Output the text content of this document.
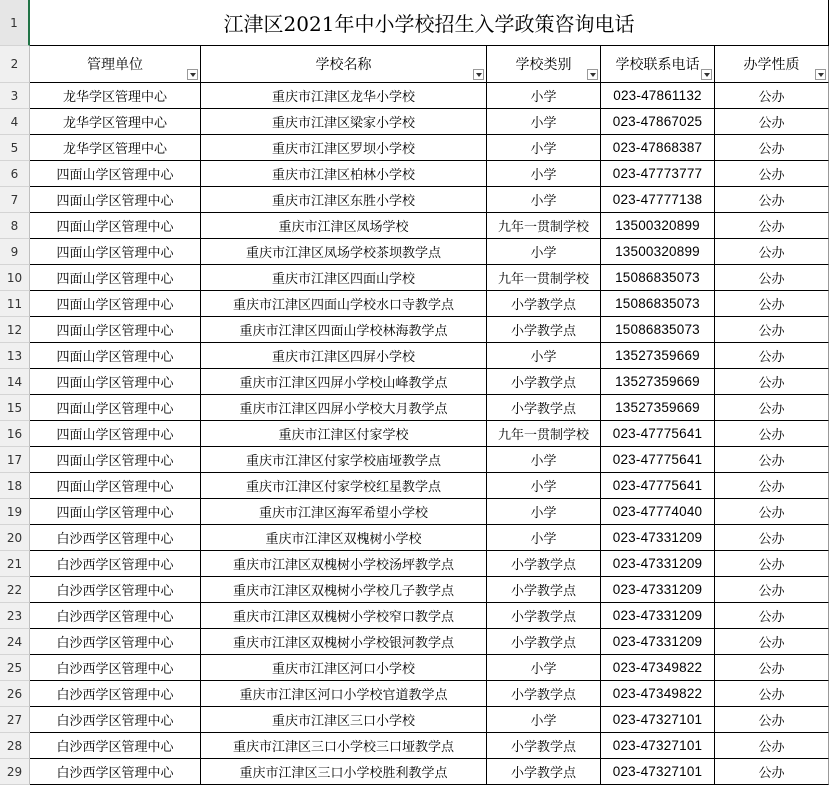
1	江津区2021年中小学校招生入学政策咨询电话
2	管理单位	学校名称	学校类别	学校联系电话	办学性质
3	龙华学区管理中心	重庆市江津区龙华小学校	小学	023-47861132	公办
4	龙华学区管理中心	重庆市江津区梁家小学校	小学	023-47867025	公办
5	龙华学区管理中心	重庆市江津区罗坝小学校	小学	023-47868387	公办
6	四面山学区管理中心	重庆市江津区柏林小学校	小学	023-47773777	公办
7	四面山学区管理中心	重庆市江津区东胜小学校	小学	023-47777138	公办
8	四面山学区管理中心	重庆市江津区凤场学校	九年一贯制学校 13500320899	公办
9	四面山学区管理中心	重庆市江津区凤场学校茶坝教学点	小学	13500320899	公办
10	四面山学区管理中心	重庆市江津区四面山学校	九年一贯制学校 15086835073	公办
11	四面山学区管理中心	重庆市江津区四面山学校水口寺教学点	小学教学点	15086835073	公办
12	四面山学区管理中心	重庆市江津区四面山学校林海教学点	小学教学点	15086835073	公办
13	四面山学区管理中心	重庆市江津区四屏小学校	小学	13527359669	公办
14	四面山学区管理中心	重庆市江津区四屏小学校山峰教学点	小学教学点	13527359669	公办
15	四面山学区管理中心	重庆市江津区四屏小学校大月教学点	小学教学点	13527359669	公办
16	四面山学区管理中心	重庆市江津区付家学校	九年一贯制学校 023-47775641	公办
17	四面山学区管理中心	重庆市江津区付家学校庙垭教学点	小学	023-47775641	公办
18	四面山学区管理中心	重庆市江津区付家学校红星教学点	小学	023-47775641	公办
19	四面山学区管理中心	重庆市江津区海军希望小学校	小学	023-47774040	公办
20	白沙西学区管理中心	重庆市江津区双槐树小学校	小学	023-47331209	公办
21	白沙西学区管理中心	重庆市江津区双槐树小学校汤坪教学点	小学教学点	023-47331209	公办
22	白沙西学区管理中心	重庆市江津区双槐树小学校几子教学点	小学教学点	023-47331209	公办
23	白沙西学区管理中心	重庆市江津区双槐树小学校窄口教学点	小学教学点	023-47331209	公办
24	白沙西学区管理中心	重庆市江津区双槐树小学校银河教学点	小学教学点	023-47331209	公办
25	白沙西学区管理中心	重庆市江津区河口小学校	小学	023-47349822	公办
26	白沙西学区管理中心	重庆市江津区河口小学校官道教学点	小学教学点	023-47349822	公办
27	白沙西学区管理中心	重庆市江津区三口小学校	小学	023-47327101	公办
28	白沙西学区管理中心	重庆市江津区三口小学校三口垭教学点	小学教学点	023-47327101	公办
29	白沙西学区管理中心	重庆市江津区三口小学校胜利教学点	小学教学点	023-47327101	公办
